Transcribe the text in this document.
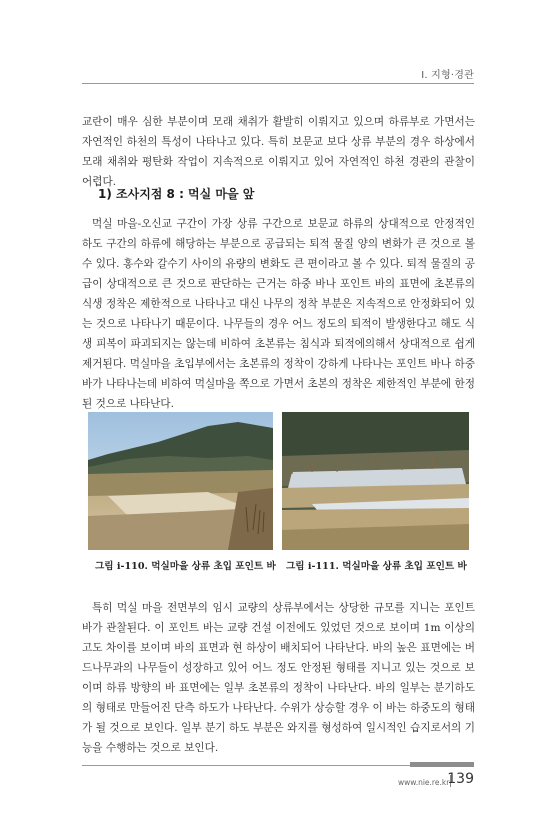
Ⅰ. 지형·경관

교란이 매우 심한 부분이며 모래 채취가 활발히 이뤄지고 있으며 하류부로 가면서는 자연적인 하천의 특성이 나타나고 있다. 특히 보문교 보다 상류 부분의 경우 하상에서 모래 채취와 평탄화 작업이 지속적으로 이뤄지고 있어 자연적인 하천 경관의 관찰이 어렵다.

1) 조사지점 8 : 먹실 마을 앞

먹실 마을-오신교 구간이 가장 상류 구간으로 보문교 하류의 상대적으로 안정적인 하도 구간의 하류에 해당하는 부분으로 공급되는 퇴적 물질 양의 변화가 큰 것으로 볼 수 있다. 홍수와 갈수기 사이의 유량의 변화도 큰 편이라고 볼 수 있다. 퇴적 물질의 공급이 상대적으로 큰 것으로 판단하는 근거는 하중 바나 포인트 바의 표면에 초본류의 식생 정착은 제한적으로 나타나고 대신 나무의 정착 부분은 지속적으로 안정화되어 있는 것으로 나타나기 때문이다. 나무들의 경우 어느 정도의 퇴적이 발생한다고 해도 식생 피복이 파괴되지는 않는데 비하여 초본류는 침식과 퇴적에의해서 상대적으로 쉽게 제거된다. 먹실마을 초입부에서는 초본류의 정착이 강하게 나타나는 포인트 바나 하중 바가 나타나는데 비하여 먹실마을 쪽으로 가면서 초본의 정착은 제한적인 부분에 한정된 것으로 나타난다.

그림 ⅰ-110. 먹실마을 상류 초입 포인트 바 그림 ⅰ-111. 먹실마을 상류 초입 포인트 바

특히 먹실 마을 전면부의 임시 교량의 상류부에서는 상당한 규모를 지니는 포인트 바가 관찰된다. 이 포인트 바는 교량 건설 이전에도 있었던 것으로 보이며 1m 이상의 고도 차이를 보이며 바의 표면과 현 하상이 배치되어 나타난다. 바의 높은 표면에는 버드나무과의 나무들이 성장하고 있어 어느 정도 안정된 형태를 지니고 있는 것으로 보이며 하류 방향의 바 표면에는 일부 초본류의 정착이 나타난다. 바의 일부는 분기하도의 형태로 만들어진 단측 하도가 나타난다. 수위가 상승할 경우 이 바는 하중도의 형태가 될 것으로 보인다. 일부 분기 하도 부분은 와지를 형성하여 일시적인 습지로서의 기능을 수행하는 것으로 보인다.

www.nie.re.kr
139
